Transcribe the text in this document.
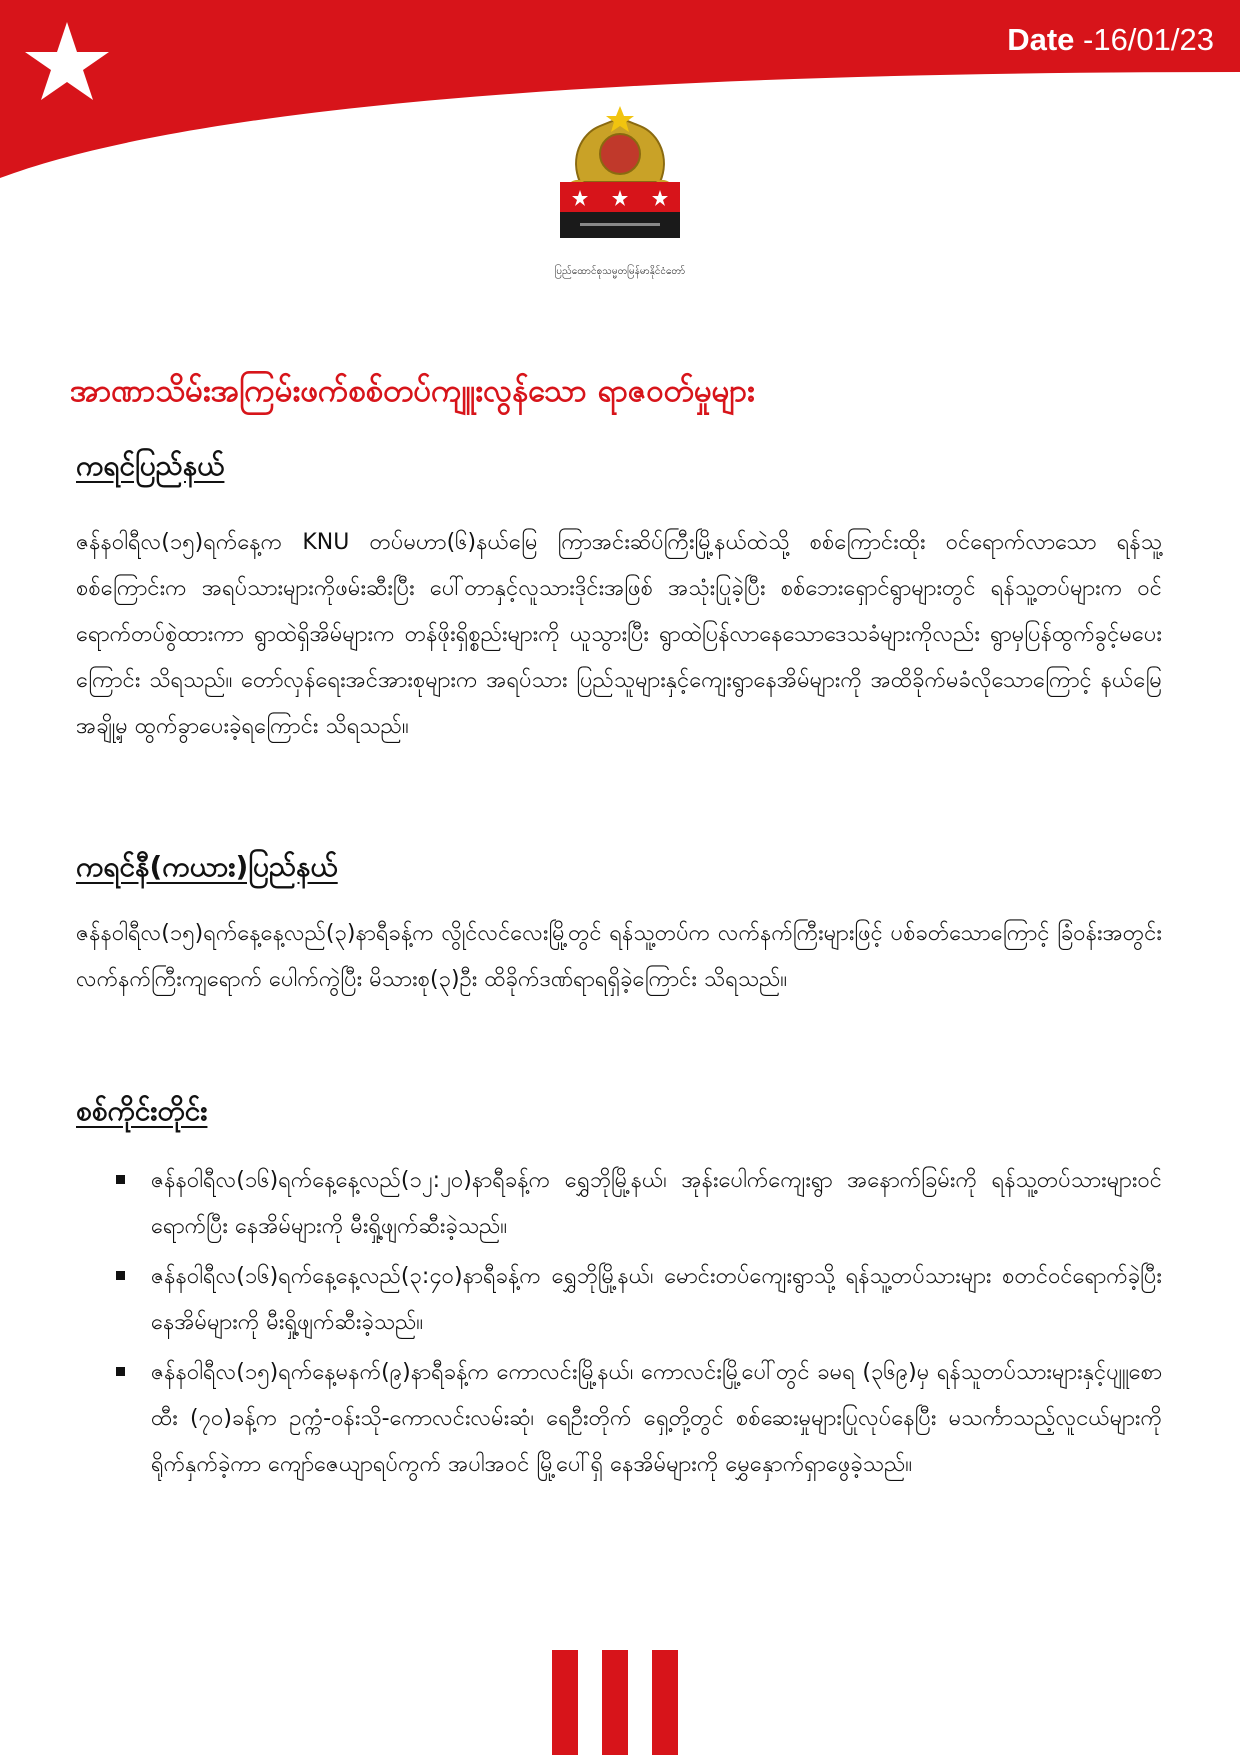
Date -16/01/23
ပြည်ထောင်စုသမ္မတမြန်မာနိုင်ငံတော်
အာဏာသိမ်းအကြမ်းဖက်စစ်တပ်ကျူးလွန်သော ရာဇဝတ်မှုများ
ကရင်ပြည်နယ်

ဇန်နဝါရီလ(၁၅)ရက်နေ့က KNU တပ်မဟာ(၆)နယ်မြေ ကြာအင်းဆိပ်ကြီးမြို့နယ်ထဲသို့ စစ်ကြောင်းထိုး ဝင်ရောက်လာသော ရန်သူ့စစ်ကြောင်းက အရပ်သားများကိုဖမ်းဆီးပြီး ပေါ်တာနှင့်လူသားဒိုင်းအဖြစ် အသုံးပြုခဲ့ပြီး စစ်ဘေးရှောင်ရွာများတွင် ရန်သူ့တပ်များက ဝင်ရောက်တပ်စွဲထားကာ ရွာထဲရှိအိမ်များက တန်ဖိုးရှိစ္စည်းများကို ယူသွားပြီး ရွာထဲပြန်လာနေသောဒေသခံများကိုလည်း ရွာမှပြန်ထွက်ခွင့်မပေးကြောင်း သိရသည်။ တော်လှန်ရေးအင်အားစုများက အရပ်သား ပြည်သူများနှင့်ကျေးရွာနေအိမ်များကို အထိခိုက်မခံလိုသောကြောင့် နယ်မြေအချို့မှ ထွက်ခွာပေးခဲ့ရကြောင်း သိရသည်။

ကရင်နီ(ကယား)ပြည်နယ်

ဇန်နဝါရီလ(၁၅)ရက်နေ့နေ့လည်(၃)နာရီခန့်က လွိုင်လင်လေးမြို့တွင် ရန်သူ့တပ်က လက်နက်ကြီးများဖြင့် ပစ်ခတ်သောကြောင့် ခြံဝန်းအတွင်း လက်နက်ကြီးကျရောက် ပေါက်ကွဲပြီး မိသားစု(၃)ဦး ထိခိုက်ဒဏ်ရာရရှိခဲ့ကြောင်း သိရသည်။

စစ်ကိုင်းတိုင်း
ဇန်နဝါရီလ(၁၆)ရက်နေ့နေ့လည်(၁၂:၂၀)နာရီခန့်က ရွှေဘိုမြို့နယ်၊ အုန်းပေါက်ကျေးရွာ အနောက်ခြမ်းကို ရန်သူ့တပ်သားများဝင်ရောက်ပြီး နေအိမ်များကို မီးရှို့ဖျက်ဆီးခဲ့သည်။
ဇန်နဝါရီလ(၁၆)ရက်နေ့နေ့လည်(၃:၄၀)နာရီခန့်က ရွှေဘိုမြို့နယ်၊ မောင်းတပ်ကျေးရွာသို့ ရန်သူ့တပ်သားများ စတင်ဝင်ရောက်ခဲ့ပြီး နေအိမ်များကို မီးရှို့ဖျက်ဆီးခဲ့သည်။
ဇန်နဝါရီလ(၁၅)ရက်နေ့မနက်(၉)နာရီခန့်က ကောလင်းမြို့နယ်၊ ကောလင်းမြို့ပေါ်တွင် ခမရ (၃၆၉)မှ ရန်သူတပ်သားများနှင့်ပျူစောထီး (၇၀)ခန့်က ဥက္ကံ-ဝန်းသို-ကောလင်းလမ်းဆုံ၊ ရေဦးတိုက် ရှေ့တို့တွင် စစ်ဆေးမှုများပြုလုပ်နေပြီး မသင်္ကာသည့်လူငယ်များကို ရိုက်နှက်ခဲ့ကာ ကျော်ဇေယျာရပ်ကွက် အပါအဝင် မြို့ပေါ်ရှိ နေအိမ်များကို မွှေနှောက်ရှာဖွေခဲ့သည်။
